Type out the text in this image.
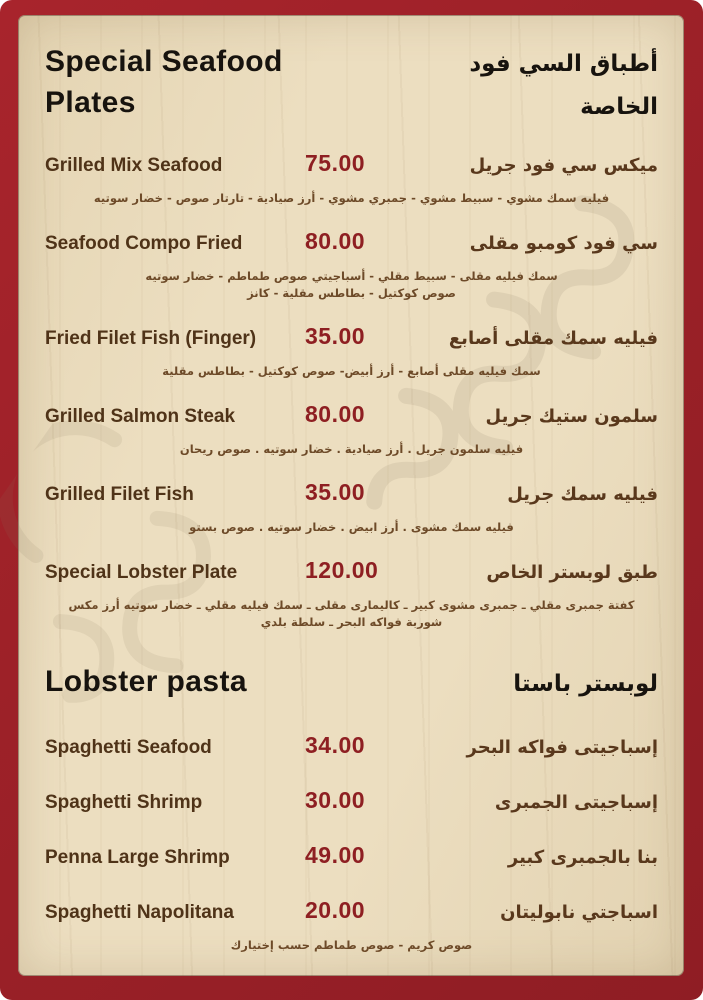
Special Seafood
Plates
أطباق السي فود
الخاصة
Grilled Mix Seafood	75.00	ميكس سي فود جريل
فيليه سمك مشوي - سبيط مشوي - جمبري مشوي - أرز صيادية - تارتار صوص - خضار سوتيه
Seafood Compo Fried	80.00	سي فود كومبو مقلى
سمك فيليه مقلى - سبيط مقلي - أسباجيتي صوص طماطم - خضار سوتيه
صوص كوكتيل - بطاطس مقلية - كانز
Fried Filet Fish (Finger)	35.00	فيليه سمك مقلى أصابع
سمك فيليه مقلى أصابع - أرز أبيض- صوص كوكتيل - بطاطس مقلية
Grilled Salmon Steak	80.00	سلمون ستيك جريل
فيليه سلمون جريل . أرز صيادية . خضار سوتيه . صوص ريحان
Grilled Filet Fish	35.00	فيليه سمك جريل
فيليه سمك مشوى . أرز ابيض . خضار سوتيه . صوص بستو
Special Lobster Plate	120.00	طبق لوبستر الخاص
كفتة جمبرى مقلي ـ جمبرى مشوى كبير ـ كاليمارى مقلى ـ سمك فيليه مقلي ـ خضار سوتيه أرز مكس
شوربة فواكه البحر ـ سلطة بلدي
Lobster pasta	لوبستر باستا
Spaghetti Seafood	34.00	إسباجيتى فواكه البحر
Spaghetti Shrimp	30.00	إسباجيتى الجمبرى
Penna Large Shrimp	49.00	بنا بالجمبرى كبير
Spaghetti Napolitana	20.00	اسباجتي نابوليتان
صوص كريم - صوص طماطم حسب إختيارك
